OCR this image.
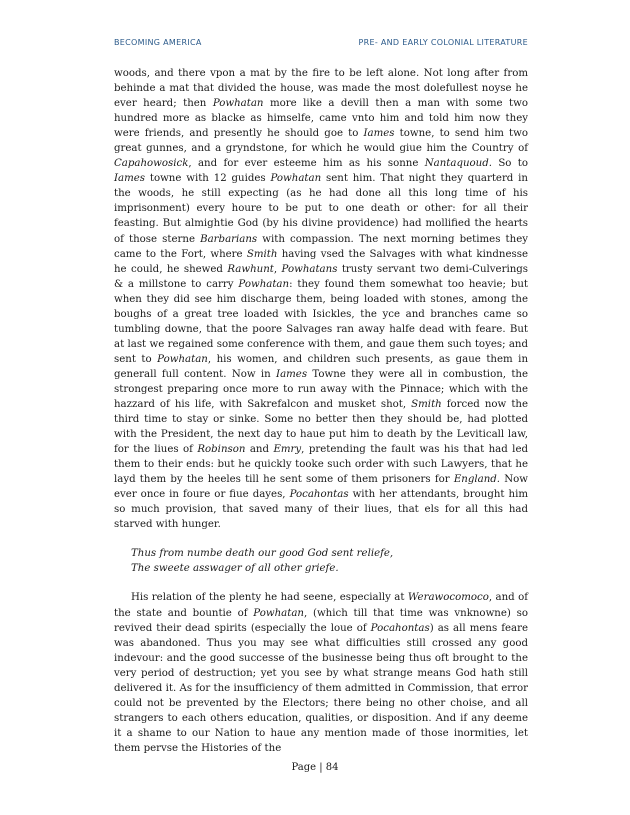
BECOMING AMERICA	PRE- AND EARLY COLONIAL LITERATURE

woods, and there vpon a mat by the fire to be left alone. Not long after from behinde a mat that divided the house, was made the most dolefullest noyse he ever heard; then Powhatan more like a devill then a man with some two hundred more as blacke as himselfe, came vnto him and told him now they were friends, and presently he should goe to Iames towne, to send him two great gunnes, and a gryndstone, for which he would giue him the Country of Capahowosick, and for ever esteeme him as his sonne Nantaquoud. So to Iames towne with 12 guides Powhatan sent him. That night they quarterd in the woods, he still expecting (as he had done all this long time of his imprisonment) every houre to be put to one death or other: for all their feasting. But almightie God (by his divine providence) had mollified the hearts of those sterne Barbarians with compassion. The next morning betimes they came to the Fort, where Smith having vsed the Salvages with what kindnesse he could, he shewed Rawhunt, Powhatans trusty servant two demi-Culverings & a millstone to carry Powhatan: they found them somewhat too heavie; but when they did see him discharge them, being loaded with stones, among the boughs of a great tree loaded with Isickles, the yce and branches came so tumbling downe, that the poore Salvages ran away halfe dead with feare. But at last we regained some conference with them, and gaue them such toyes; and sent to Powhatan, his women, and children such presents, as gaue them in generall full content. Now in Iames Towne they were all in combustion, the strongest preparing once more to run away with the Pinnace; which with the hazzard of his life, with Sakrefalcon and musket shot, Smith forced now the third time to stay or sinke. Some no better then they should be, had plotted with the President, the next day to haue put him to death by the Leviticall law, for the liues of Robinson and Emry, pretending the fault was his that had led them to their ends: but he quickly tooke such order with such Lawyers, that he layd them by the heeles till he sent some of them prisoners for England. Now ever once in foure or fiue dayes, Pocahontas with her attendants, brought him so much provision, that saved many of their liues, that els for all this had starved with hunger.

Thus from numbe death our good God sent reliefe,
The sweete asswager of all other griefe.

His relation of the plenty he had seene, especially at Werawocomoco, and of the state and bountie of Powhatan, (which till that time was vnknowne) so revived their dead spirits (especially the loue of Pocahontas) as all mens feare was abandoned. Thus you may see what difficulties still crossed any good indevour: and the good successe of the businesse being thus oft brought to the very period of destruction; yet you see by what strange means God hath still delivered it. As for the insufficiency of them admitted in Commission, that error could not be prevented by the Electors; there being no other choise, and all strangers to each others education, qualities, or disposition. And if any deeme it a shame to our Nation to haue any mention made of those inormities, let them pervse the Histories of the

Page | 84
